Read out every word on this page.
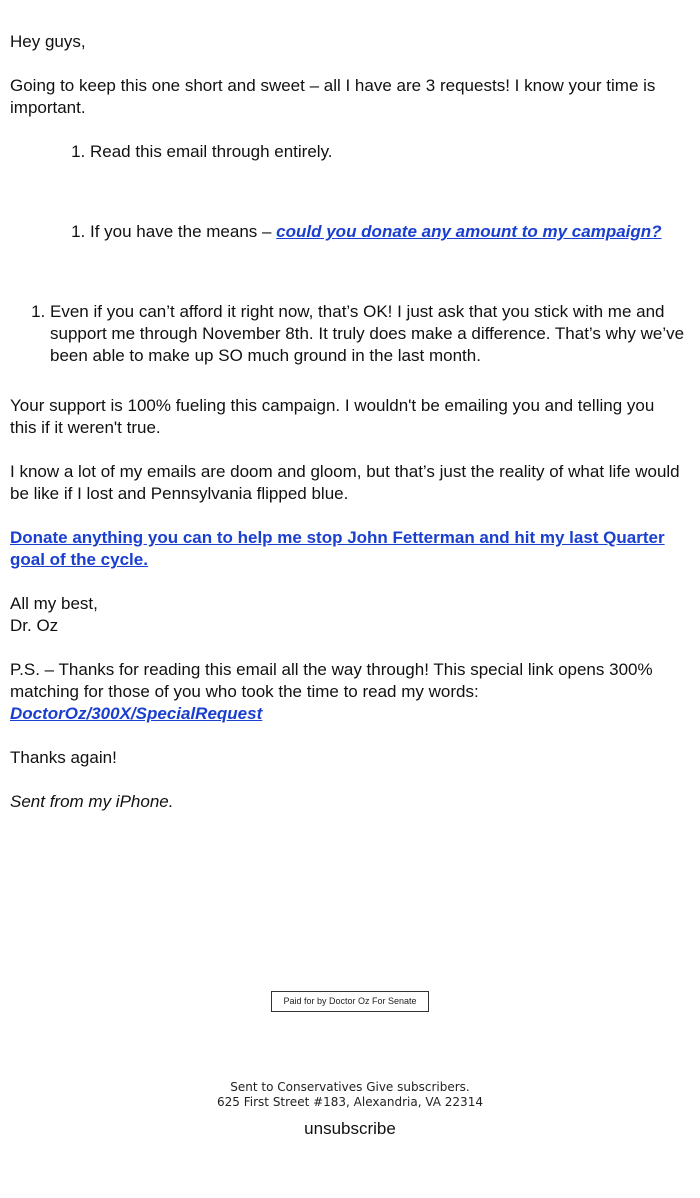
Hey guys,

Going to keep this one short and sweet – all I have are 3 requests! I know your time is important.

1. Read this email through entirely.
1. If you have the means – could you donate any amount to my campaign?
1. Even if you can’t afford it right now, that’s OK! I just ask that you stick with me and support me through November 8th. It truly does make a difference. That’s why we’ve been able to make up SO much ground in the last month.

Your support is 100% fueling this campaign. I wouldn't be emailing you and telling you this if it weren't true.

I know a lot of my emails are doom and gloom, but that’s just the reality of what life would be like if I lost and Pennsylvania flipped blue.

Donate anything you can to help me stop John Fetterman and hit my last Quarter goal of the cycle.

All my best,
Dr. Oz

P.S. – Thanks for reading this email all the way through! This special link opens 300% matching for those of you who took the time to read my words:
DoctorOz/300X/SpecialRequest

Thanks again!

Sent from my iPhone.

Paid for by Doctor Oz For Senate
Sent to Conservatives Give subscribers.
625 First Street #183, Alexandria, VA 22314
unsubscribe
